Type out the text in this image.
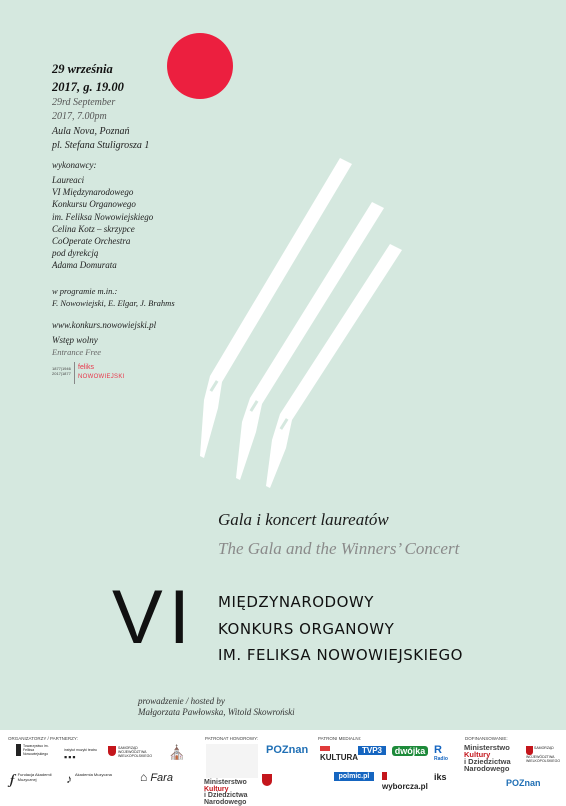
29 września
2017, g. 19.00
29rd September
2017, 7.00pm
Aula Nova, Poznań
pl. Stefana Stuligrosza 1
wykonawcy:
Laureaci
VI Międzynarodowego
Konkursu Organowego
im. Feliksa Nowowiejskiego
Celina Kotz – skrzypce
CoOperate Orchestra
pod dyrekcją
Adama Domurata
w programie m.in.:
F. Nowowiejski, E. Elgar, J. Brahms
www.konkurs.nowowiejski.pl
Wstęp wolny
Entrance Free
1877|1946
2017|1877
feliks
NOWOWIEJSKI
Gala i koncert laureatów
The Gala and the Winners’ Concert
VI MIĘDZYNARODOWY
KONKURS ORGANOWY
IM. FELIKSA NOWOWIEJSKIEGO
prowadzenie / hosted by
Małgorzata Pawłowska, Witold Skowroński
ORGANIZATORZY / PARTNERZY:	PATRONAT HONOROWY:	PATRONI MEDIALNI:	DOFINANSOWANIE:
Towarzystwo im. Feliksa Nowowiejskiego
instytut muzyki teatru
▪▪▪
SAMORZĄD WOJEWÓDZTWA WIELKOPOLSKIEGO	⛪
𝆑 Fundacja Akademii Muzycznej	♪ Akademia Muzyczna	⌂ Fara	Ministerstwo
Kultury
i Dziedzictwa
Narodowego
POZnan

KULTURA
TVP3	dwójka R
Radio
polmic.pl
wyborcza.pl
iks
Ministerstwo
Kultury
i Dziedzictwa
Narodowego
SAMORZĄD WOJEWÓDZTWA WIELKOPOLSKIEGO
POZnan
